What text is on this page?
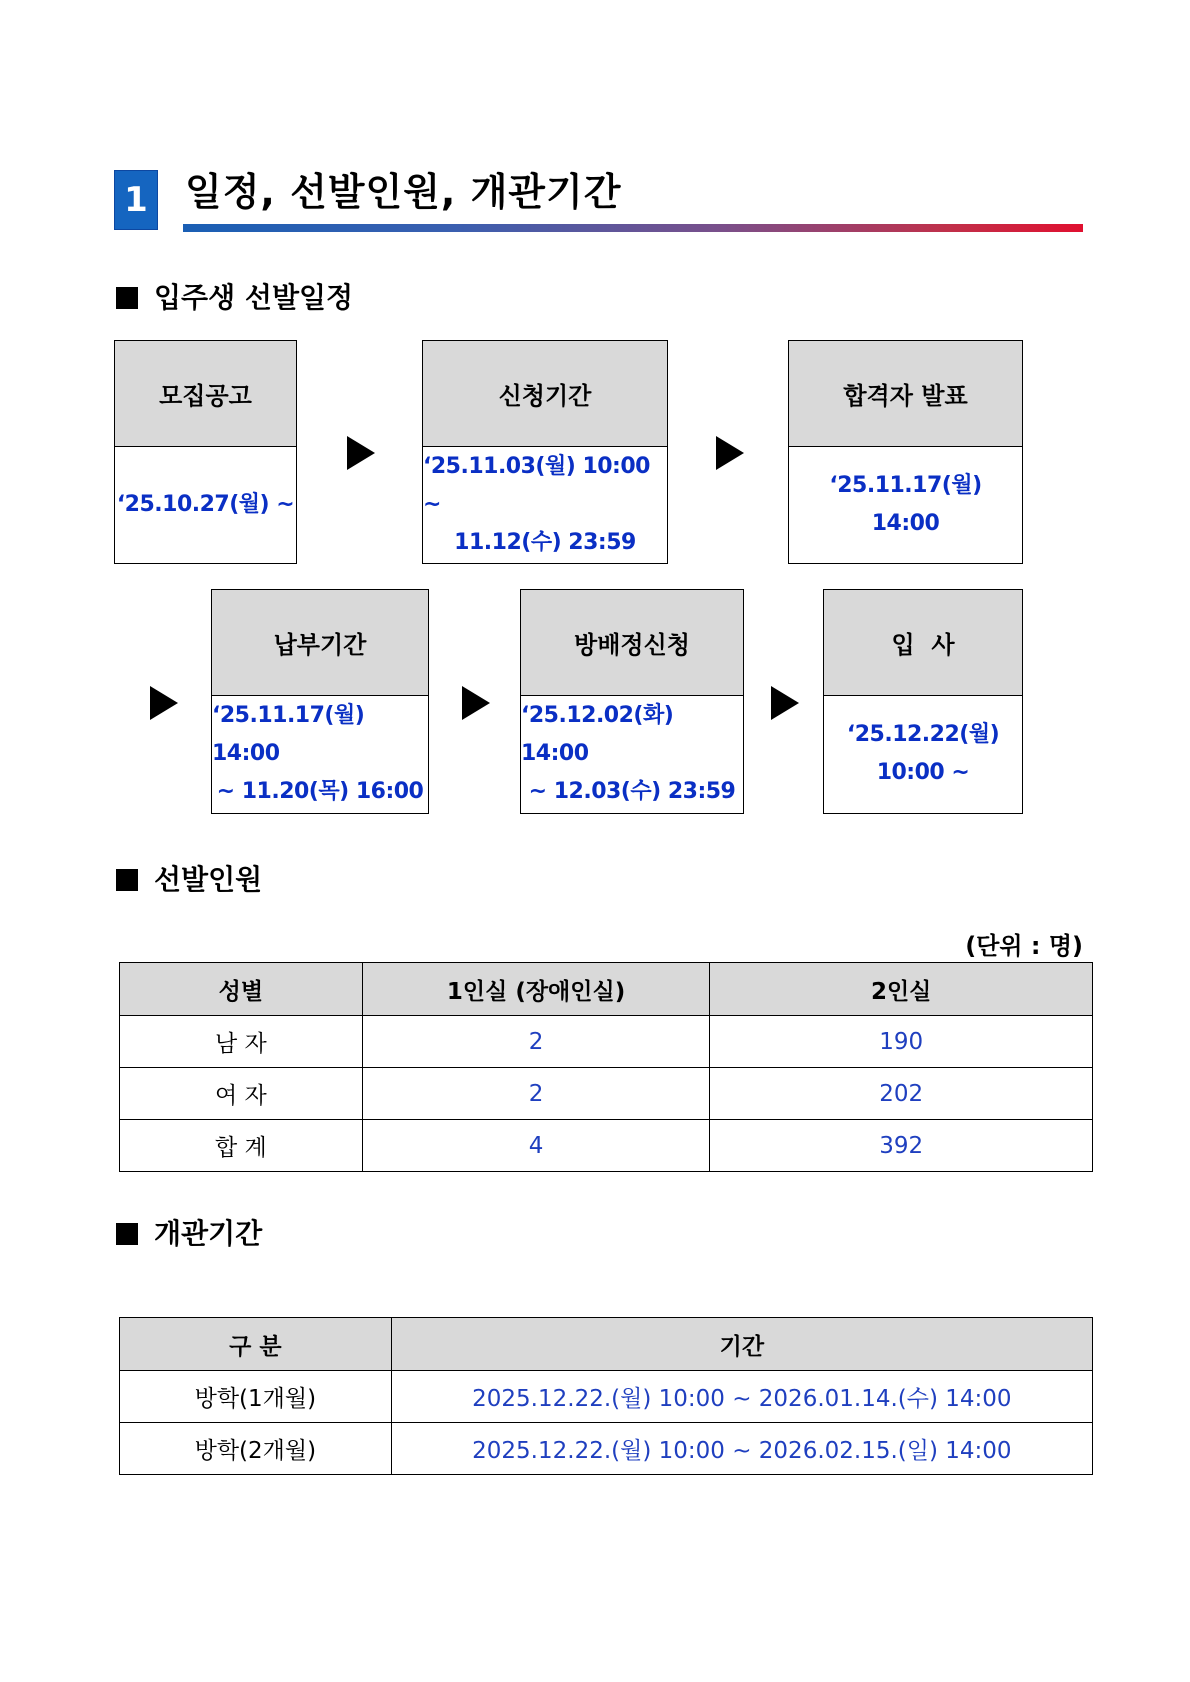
1 일정, 선발인원, 개관기간
입주생 선발일정
모집공고
‘25.10.27(월) ~
신청기간
‘25.11.03(월) 10:00 ~
11.12(수) 23:59
합격자 발표
‘25.11.17(월)
14:00
납부기간
‘25.11.17(월) 14:00
~ 11.20(목) 16:00
방배정신청
‘25.12.02(화) 14:00
~ 12.03(수) 23:59
입  사
‘25.12.22(월)
10:00 ~
선발인원
(단위 : 명)
성별	1인실 (장애인실)	2인실
남 자	2	190
여 자	2	202
합 계	4	392
개관기간
구 분	기간
방학(1개월)	2025.12.22.(월) 10:00 ~ 2026.01.14.(수) 14:00
방학(2개월)	2025.12.22.(월) 10:00 ~ 2026.02.15.(일) 14:00
